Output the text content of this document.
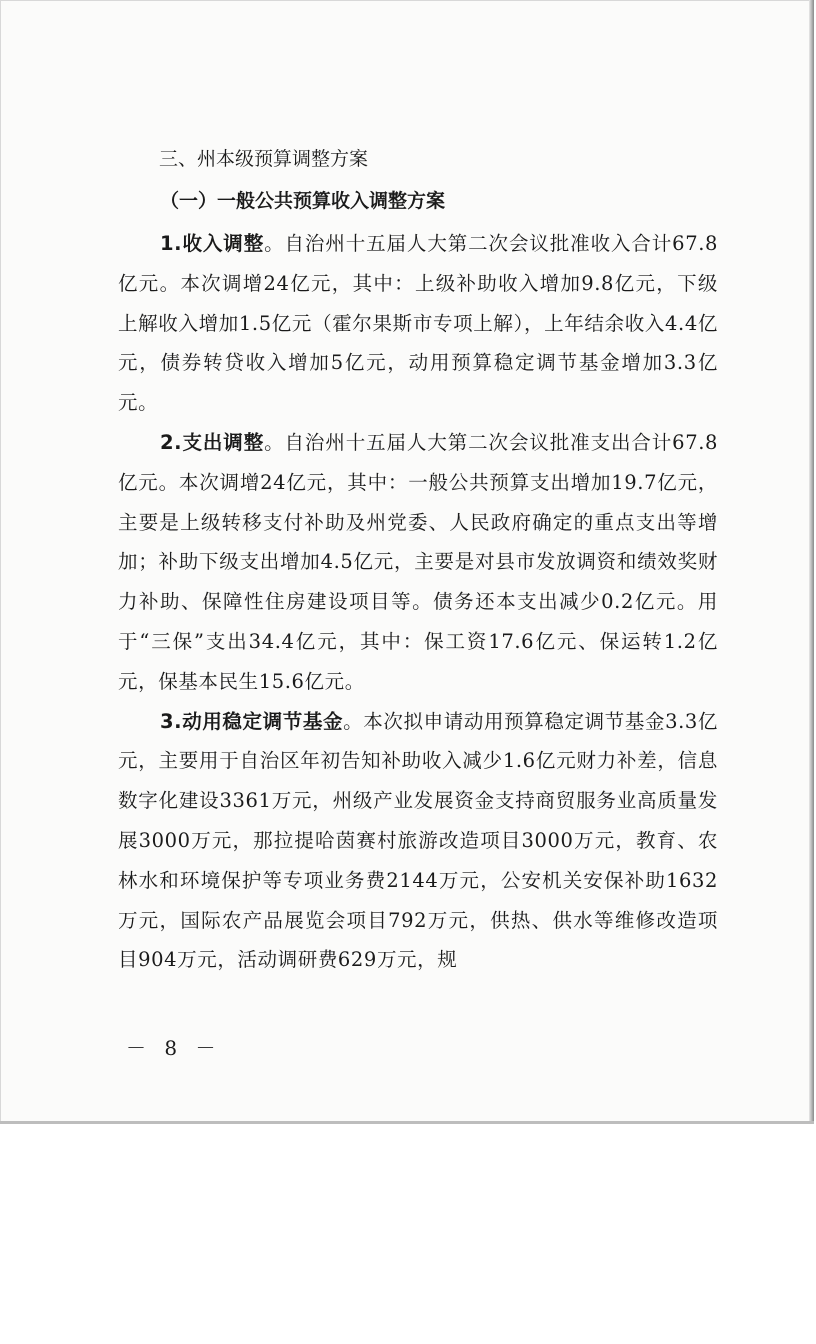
三、州本级预算调整方案
（一）一般公共预算收入调整方案

1.收入调整。自治州十五届人大第二次会议批准收入合计67.8亿元。本次调增24亿元，其中：上级补助收入增加9.8亿元，下级上解收入增加1.5亿元（霍尔果斯市专项上解），上年结余收入4.4亿元，债券转贷收入增加5亿元，动用预算稳定调节基金增加3.3亿元。

2.支出调整。自治州十五届人大第二次会议批准支出合计67.8亿元。本次调增24亿元，其中：一般公共预算支出增加19.7亿元，主要是上级转移支付补助及州党委、人民政府确定的重点支出等增加；补助下级支出增加4.5亿元，主要是对县市发放调资和绩效奖财力补助、保障性住房建设项目等。债务还本支出减少0.2亿元。用于“三保”支出34.4亿元，其中：保工资17.6亿元、保运转1.2亿元，保基本民生15.6亿元。

3.动用稳定调节基金。本次拟申请动用预算稳定调节基金3.3亿元，主要用于自治区年初告知补助收入减少1.6亿元财力补差，信息数字化建设3361万元，州级产业发展资金支持商贸服务业高质量发展3000万元，那拉提哈茵赛村旅游改造项目3000万元，教育、农林水和环境保护等专项业务费2144万元，公安机关安保补助1632万元，国际农产品展览会项目792万元，供热、供水等维修改造项目904万元，活动调研费629万元，规

－ 8 －
